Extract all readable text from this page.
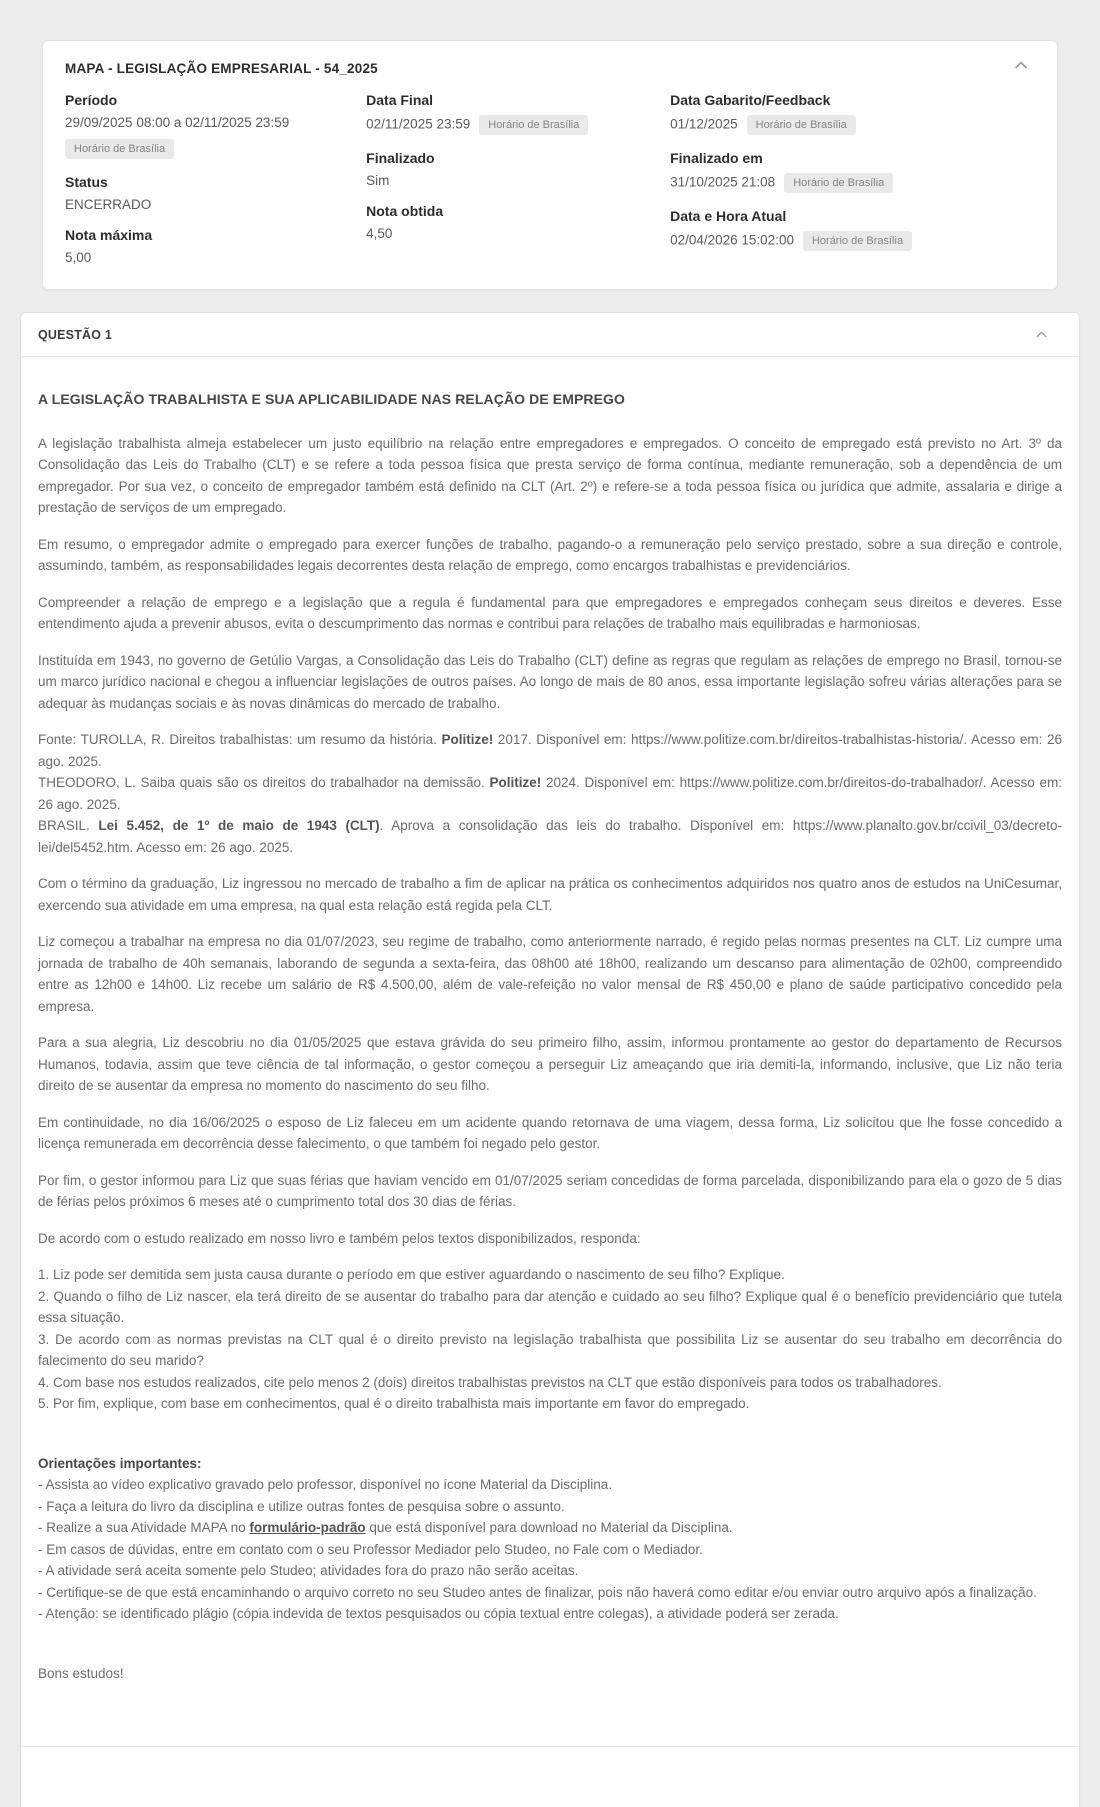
MAPA - LEGISLAÇÃO EMPRESARIAL - 54_2025
Período
29/09/2025 08:00 a 02/11/2025 23:59
Horário de Brasília
Status
ENCERRADO
Nota máxima
5,00
Data Final
02/11/2025 23:59 Horário de Brasília
Finalizado
Sim
Nota obtida
4,50
Data Gabarito/Feedback
01/12/2025 Horário de Brasília
Finalizado em
31/10/2025 21:08 Horário de Brasília
Data e Hora Atual
02/04/2026 15:02:00 Horário de Brasília
QUESTÃO 1
A LEGISLAÇÃO TRABALHISTA E SUA APLICABILIDADE NAS RELAÇÃO DE EMPREGO

A legislação trabalhista almeja estabelecer um justo equilíbrio na relação entre empregadores e empregados. O conceito de empregado está previsto no Art. 3º da Consolidação das Leis do Trabalho (CLT) e se refere a toda pessoa física que presta serviço de forma contínua, mediante remuneração, sob a dependência de um empregador. Por sua vez, o conceito de empregador também está definido na CLT (Art. 2º) e refere-se a toda pessoa física ou jurídica que admite, assalaria e dirige a prestação de serviços de um empregado.

Em resumo, o empregador admite o empregado para exercer funções de trabalho, pagando-o a remuneração pelo serviço prestado, sobre a sua direção e controle, assumindo, também, as responsabilidades legais decorrentes desta relação de emprego, como encargos trabalhistas e previdenciários.

Compreender a relação de emprego e a legislação que a regula é fundamental para que empregadores e empregados conheçam seus direitos e deveres. Esse entendimento ajuda a prevenir abusos, evita o descumprimento das normas e contribui para relações de trabalho mais equilibradas e harmoniosas.

Instituída em 1943, no governo de Getúlio Vargas, a Consolidação das Leis do Trabalho (CLT) define as regras que regulam as relações de emprego no Brasil, tornou-se um marco jurídico nacional e chegou a influenciar legislações de outros países. Ao longo de mais de 80 anos, essa importante legislação sofreu várias alterações para se adequar às mudanças sociais e às novas dinâmicas do mercado de trabalho.

Fonte: TUROLLA, R. Direitos trabalhistas: um resumo da história. Politize! 2017. Disponível em: https://www.politize.com.br/direitos-trabalhistas-historia/. Acesso em: 26 ago. 2025.
THEODORO, L. Saiba quais são os direitos do trabalhador na demissão. Politize! 2024. Disponível em: https://www.politize.com.br/direitos-do-trabalhador/. Acesso em: 26 ago. 2025.
BRASIL. Lei 5.452, de 1º de maio de 1943 (CLT). Aprova a consolidação das leis do trabalho. Disponível em: https://www.planalto.gov.br/ccivil_03/decreto-lei/del5452.htm. Acesso em: 26 ago. 2025.

Com o término da graduação, Liz ingressou no mercado de trabalho a fim de aplicar na prática os conhecimentos adquiridos nos quatro anos de estudos na UniCesumar, exercendo sua atividade em uma empresa, na qual esta relação está regida pela CLT.

Liz começou a trabalhar na empresa no dia 01/07/2023, seu regime de trabalho, como anteriormente narrado, é regido pelas normas presentes na CLT. Liz cumpre uma jornada de trabalho de 40h semanais, laborando de segunda a sexta-feira, das 08h00 até 18h00, realizando um descanso para alimentação de 02h00, compreendido entre as 12h00 e 14h00. Liz recebe um salário de R$ 4.500,00, além de vale-refeição no valor mensal de R$ 450,00 e plano de saúde participativo concedido pela empresa.

Para a sua alegria, Liz descobriu no dia 01/05/2025 que estava grávida do seu primeiro filho, assim, informou prontamente ao gestor do departamento de Recursos Humanos, todavia, assim que teve ciência de tal informação, o gestor começou a perseguir Liz ameaçando que iria demiti-la, informando, inclusive, que Liz não teria direito de se ausentar da empresa no momento do nascimento do seu filho.

Em continuidade, no dia 16/06/2025 o esposo de Liz faleceu em um acidente quando retornava de uma viagem, dessa forma, Liz solicitou que lhe fosse concedido a licença remunerada em decorrência desse falecimento, o que também foi negado pelo gestor.

Por fim, o gestor informou para Liz que suas férias que haviam vencido em 01/07/2025 seriam concedidas de forma parcelada, disponibilizando para ela o gozo de 5 dias de férias pelos próximos 6 meses até o cumprimento total dos 30 dias de férias.

De acordo com o estudo realizado em nosso livro e também pelos textos disponibilizados, responda:

1. Liz pode ser demitida sem justa causa durante o período em que estiver aguardando o nascimento de seu filho? Explique.
2. Quando o filho de Liz nascer, ela terá direito de se ausentar do trabalho para dar atenção e cuidado ao seu filho? Explique qual é o benefício previdenciário que tutela essa situação.
3. De acordo com as normas previstas na CLT qual é o direito previsto na legislação trabalhista que possibilita Liz se ausentar do seu trabalho em decorrência do falecimento do seu marido?
4. Com base nos estudos realizados, cite pelo menos 2 (dois) direitos trabalhistas previstos na CLT que estão disponíveis para todos os trabalhadores.
5. Por fim, explique, com base em conhecimentos, qual é o direito trabalhista mais importante em favor do empregado.
Orientações importantes:
- Assista ao vídeo explicativo gravado pelo professor, disponível no ícone Material da Disciplina.
- Faça a leitura do livro da disciplina e utilize outras fontes de pesquisa sobre o assunto.
- Realize a sua Atividade MAPA no formulário-padrão que está disponível para download no Material da Disciplina.
- Em casos de dúvidas, entre em contato com o seu Professor Mediador pelo Studeo, no Fale com o Mediador.
- A atividade será aceita somente pelo Studeo; atividades fora do prazo não serão aceitas.
- Certifique-se de que está encaminhando o arquivo correto no seu Studeo antes de finalizar, pois não haverá como editar e/ou enviar outro arquivo após a finalização.
- Atenção: se identificado plágio (cópia indevida de textos pesquisados ou cópia textual entre colegas), a atividade poderá ser zerada.

Bons estudos!
